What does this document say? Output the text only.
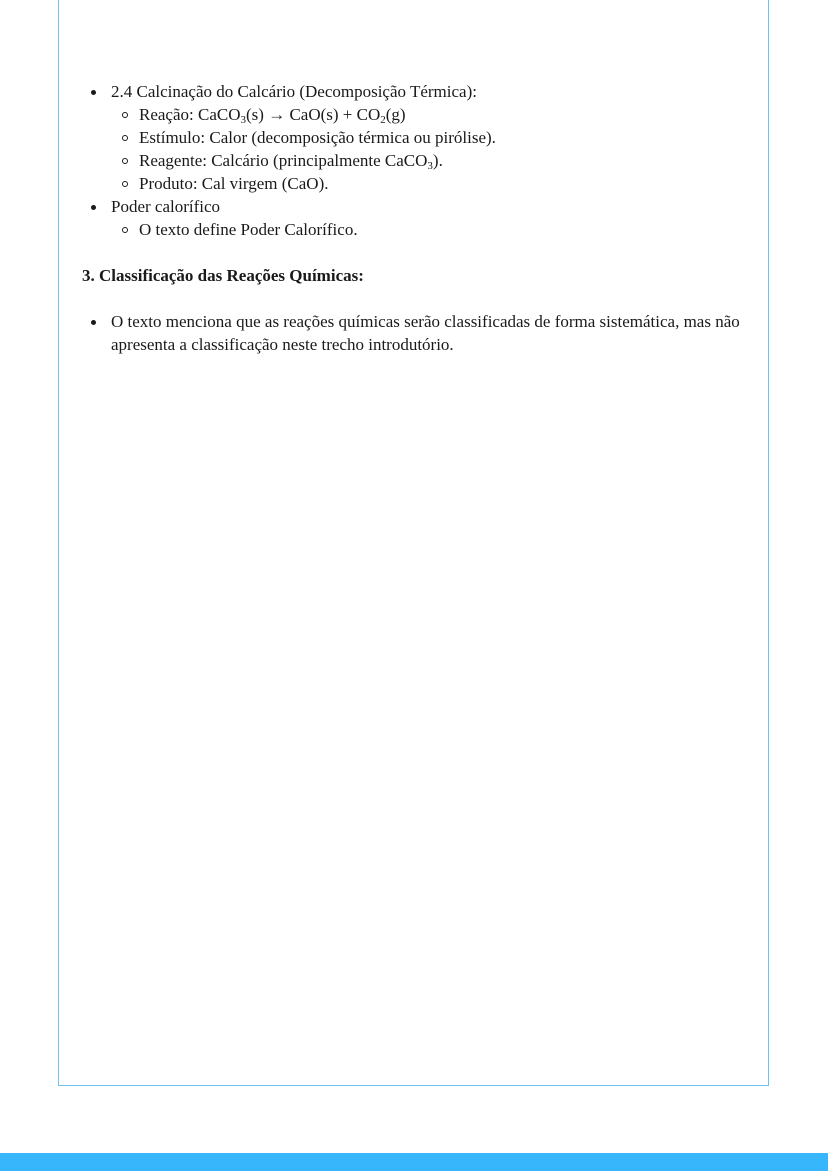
2.4 Calcinação do Calcário (Decomposição Térmica):
Reação: CaCO$_3$(s) → $CaO(s) + CO_2(g)$
Estímulo: Calor (decomposição térmica ou pirólise).
Reagente: Calcário (principalmente CaCO$_3$).
Produto: Cal virgem (CaO).
Poder calorífico
O texto define Poder Calorífico.
3. Classificação das Reações Químicas:
O texto menciona que as reações químicas serão classificadas de forma sistemática, mas não apresenta a classificação neste trecho introdutório.
